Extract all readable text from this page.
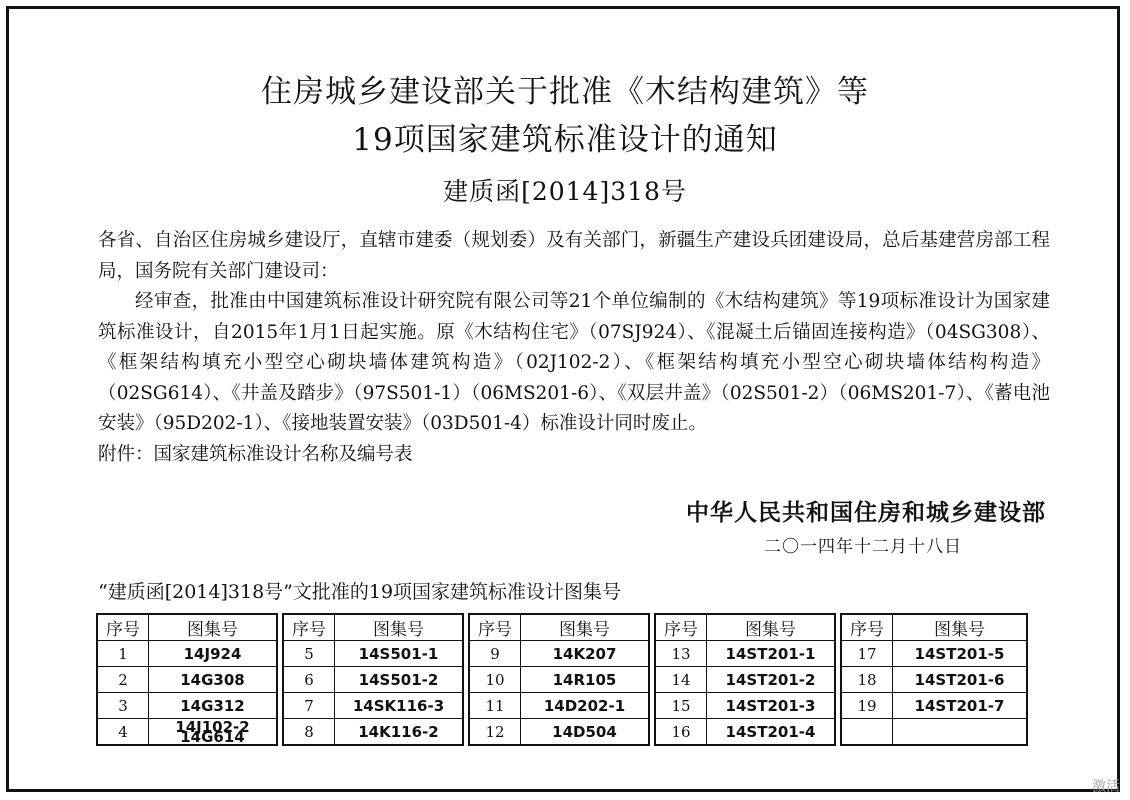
住房城乡建设部关于批准《木结构建筑》等
19项国家建筑标准设计的通知
建质函[2014]318号

各省、自治区住房城乡建设厅，直辖市建委（规划委）及有关部门，新疆生产建设兵团建设局，总后基建营房部工程局，国务院有关部门建设司：

经审查，批准由中国建筑标准设计研究院有限公司等21个单位编制的《木结构建筑》等19项标准设计为国家建筑标准设计，自2015年1月1日起实施。原《木结构住宅》（07SJ924）、《混凝土后锚固连接构造》（04SG308）、《框架结构填充小型空心砌块墙体建筑构造》（02J102-2）、《框架结构填充小型空心砌块墙体结构构造》（02SG614）、《井盖及踏步》（97S501-1）（06MS201-6）、《双层井盖》（02S501-2）（06MS201-7）、《蓄电池安装》（95D202-1）、《接地装置安装》（03D501-4）标准设计同时废止。

附件：国家建筑标准设计名称及编号表

中华人民共和国住房和城乡建设部
二〇一四年十二月十八日
“建质函[2014]318号”文批准的19项国家建筑标准设计图集号
序号	图集号
1	14J924
2	14G308
3	14G312
4	14J102-2
14G614
序号	图集号
5	14S501-1
6	14S501-2
7	14SK116-3
8	14K116-2
序号	图集号
9	14K207
10	14R105
11	14D202-1
12	14D504
序号	图集号
13	14ST201-1
14	14ST201-2
15	14ST201-3
16	14ST201-4
序号	图集号
17	14ST201-5
18	14ST201-6
19	14ST201-7

激活
